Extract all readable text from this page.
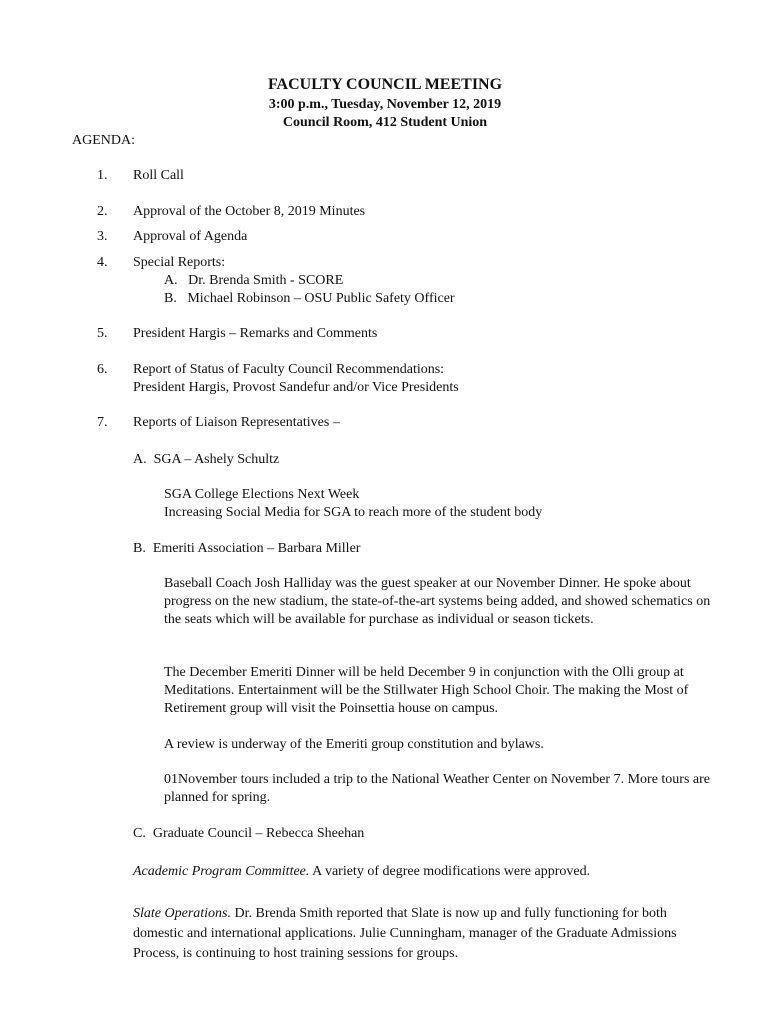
FACULTY COUNCIL MEETING
3:00 p.m., Tuesday, November 12, 2019
Council Room, 412 Student Union
AGENDA:
1. Roll Call
2. Approval of the October 8, 2019 Minutes
3. Approval of Agenda
4. Special Reports:
A.   Dr. Brenda Smith - SCORE
B.   Michael Robinson – OSU Public Safety Officer
5. President Hargis – Remarks and Comments
6. Report of Status of Faculty Council Recommendations:
President Hargis, Provost Sandefur and/or Vice Presidents
7. Reports of Liaison Representatives –
A.  SGA – Ashely Schultz
SGA College Elections Next Week
Increasing Social Media for SGA to reach more of the student body
B.  Emeriti Association – Barbara Miller
Baseball Coach Josh Halliday was the guest speaker at our November Dinner. He spoke about progress on the new stadium, the state-of-the-art systems being added, and showed schematics on the seats which will be available for purchase as individual or season tickets.
The December Emeriti Dinner will be held December 9 in conjunction with the Olli group at Meditations. Entertainment will be the Stillwater High School Choir. The making the Most of Retirement group will visit the Poinsettia house on campus.
A review is underway of the Emeriti group constitution and bylaws.
01November tours included a trip to the National Weather Center on November 7. More tours are planned for spring.
C.  Graduate Council – Rebecca Sheehan
Academic Program Committee. A variety of degree modifications were approved.
Slate Operations. Dr. Brenda Smith reported that Slate is now up and fully functioning for both domestic and international applications. Julie Cunningham, manager of the Graduate Admissions Process, is continuing to host training sessions for groups.
